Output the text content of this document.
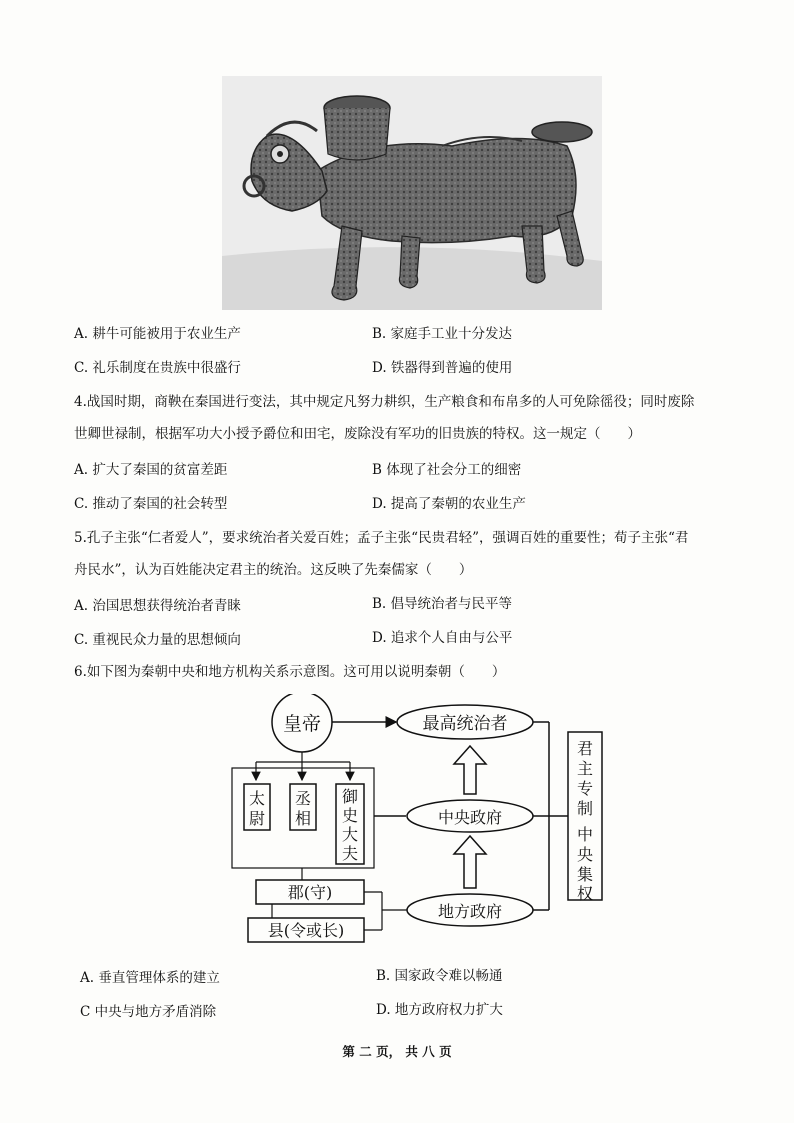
A. 耕牛可能被用于农业生产	B. 家庭手工业十分发达
C. 礼乐制度在贵族中很盛行	D. 铁器得到普遍的使用
4.战国时期，商鞅在秦国进行变法，其中规定凡努力耕织，生产粮食和布帛多的人可免除徭役；同时废除
世卿世禄制，根据军功大小授予爵位和田宅，废除没有军功的旧贵族的特权。这一规定（　　）
A. 扩大了秦国的贫富差距	B 体现了社会分工的细密
C. 推动了秦国的社会转型	D. 提高了秦朝的农业生产
5.孔子主张“仁者爱人”，要求统治者关爱百姓；孟子主张“民贵君轻”，强调百姓的重要性；荀子主张“君
舟民水”，认为百姓能决定君主的统治。这反映了先秦儒家（　　）
A. 治国思想获得统治者青睐	B. 倡导统治者与民平等
C. 重视民众力量的思想倾向	D. 追求个人自由与公平
6.如下图为秦朝中央和地方机构关系示意图。这可用以说明秦朝（　　）
皇帝	最高统治者
君
主
专
制
中
央
集
权
太
尉
丞
相
御
史
大
夫
中央政府
地方政府
郡(守)
县(令或长)
A. 垂直管理体系的建立	B. 国家政令难以畅通
C 中央与地方矛盾消除	D. 地方政府权力扩大
第 二 页， 共 八 页
